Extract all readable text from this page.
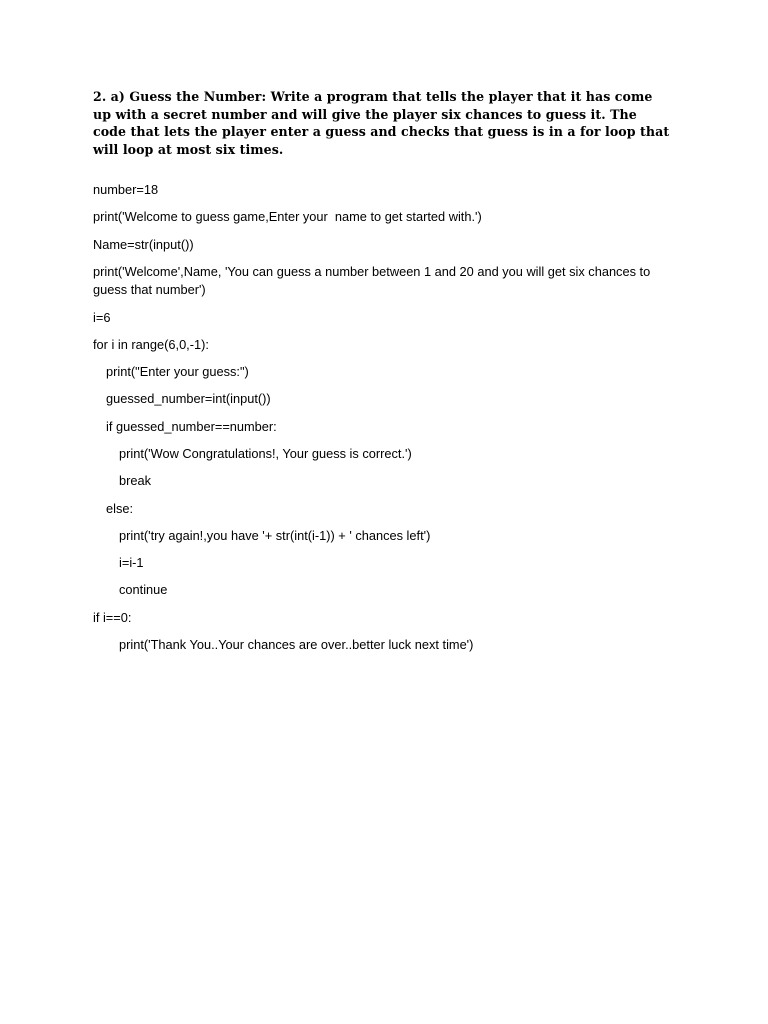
2. a) Guess the Number: Write a program that tells the player that it has come up with a secret number and will give the player six chances to guess it. The code that lets the player enter a guess and checks that guess is in a for loop that will loop at most six times.
number=18
print('Welcome to guess game,Enter your  name to get started with.')
Name=str(input())
print('Welcome',Name, 'You can guess a number between 1 and 20 and you will get six chances to
guess that number')
i=6
for i in range(6,0,-1):
print("Enter your guess:")
guessed_number=int(input())
if guessed_number==number:
print('Wow Congratulations!, Your guess is correct.')
break
else:
print('try again!,you have '+ str(int(i-1)) + ' chances left')
i=i-1
continue
if i==0:
print('Thank You..Your chances are over..better luck next time')
